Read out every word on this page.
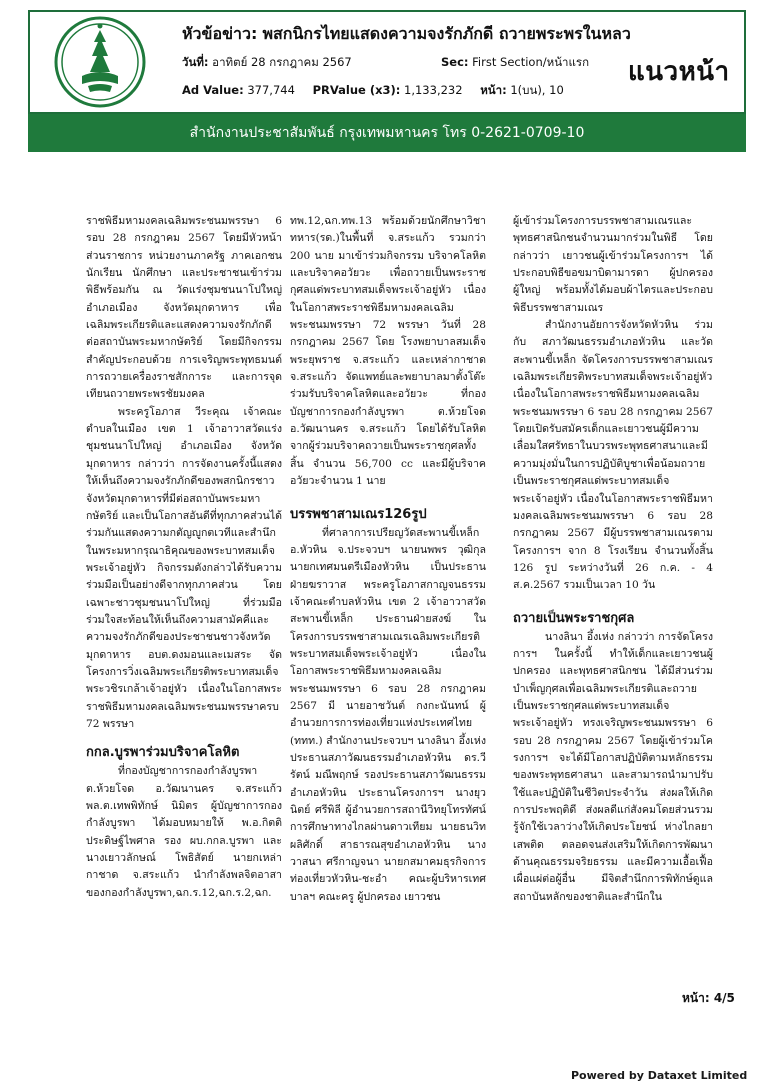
หัวข้อข่าว: พสกนิกรไทยแสดงความจงรักภักดี ถวายพระพรในหลว
วันที่: อาทิตย์ 28 กรกฎาคม 2567	Sec: First Section/หน้าแรก
Ad Value: 377,744 PRValue (x3): 1,133,232 หน้า: 1(บน), 10
แนวหน้า
สำนักงานประชาสัมพันธ์ กรุงเทพมหานคร โทร 0-2621-0709-10

ราชพิธีมหามงคลเฉลิมพระชนมพรรษา 6 รอบ 28 กรกฎาคม 2567 โดยมีหัวหน้าส่วนราชการ หน่วยงานภาครัฐ ภาคเอกชน นักเรียน นักศึกษา และประชาชนเข้าร่วมพิธีพร้อมกัน ณ วัดแร่งชุมชนนาโปใหญ่ อำเภอเมือง จังหวัดมุกดาหาร เพื่อเฉลิมพระเกียรติและแสดงความจงรักภักดีต่อสถาบันพระมหากษัตริย์ โดยมีกิจกรรมสำคัญประกอบด้วย การเจริญพระพุทธมนต์ การถวายเครื่องราชสักการะ และการจุดเทียนถวายพระพรชัยมงคล

พระครูโอภาส วีระคุณ เจ้าคณะตำบลในเมือง เขต 1 เจ้าอาวาสวัดแร่งชุมชนนาโปใหญ่ อำเภอเมือง จังหวัดมุกดาหาร กล่าวว่า การจัดงานครั้งนี้แสดงให้เห็นถึงความจงรักภักดีของพสกนิกรชาวจังหวัดมุกดาหารที่มีต่อสถาบันพระมหากษัตริย์ และเป็นโอกาสอันดีที่ทุกภาคส่วนได้ร่วมกันแสดงความกตัญญูกตเวทีและสำนึกในพระมหากรุณาธิคุณของพระบาทสมเด็จพระเจ้าอยู่หัว กิจกรรมดังกล่าวได้รับความร่วมมือเป็นอย่างดีจากทุกภาคส่วน โดยเฉพาะชาวชุมชนนาโปใหญ่ ที่ร่วมมือร่วมใจสะท้อนให้เห็นถึงความสามัคคีและความจงรักภักดีของประชาชนชาวจังหวัดมุกดาหาร อบต.ดงมอนและเมสระ จัดโครงการวิ่งเฉลิมพระเกียรติพระบาทสมเด็จพระวชิรเกล้าเจ้าอยู่หัว เนื่องในโอกาสพระราชพิธีมหามงคลเฉลิมพระชนมพรรษาครบ 72 พรรษา

กกล.บูรพาร่วมบริจาคโลหิต

ที่กองบัญชาการกองกำลังบูรพา ต.ห้วยโจด อ.วัฒนานคร จ.สระแก้ว พล.ต.เทพพิทักษ์ นิมิตร ผู้บัญชาการกองกำลังบูรพา ได้มอบหมายให้ พ.อ.กิตติ ประดิษฐ์ไพศาล รอง ผบ.กกล.บูรพา และนางเยาวลักษณ์ โพธิสัตย์ นายกเหล่ากาชาด จ.สระแก้ว นำกำลังพลจิตอาสาของกองกำลังบูรพา,ฉก.ร.12,ฉก.ร.2,ฉก.

ทพ.12,ฉก.ทพ.13 พร้อมด้วยนักศึกษาวิชาทหาร(รด.)ในพื้นที่ จ.สระแก้ว รวมกว่า 200 นาย มาเข้าร่วมกิจกรรม บริจาคโลหิตและบริจาคอวัยวะ เพื่อถวายเป็นพระราชกุศลแด่พระบาทสมเด็จพระเจ้าอยู่หัว เนื่องในโอกาสพระราชพิธีมหามงคลเฉลิมพระชนมพรรษา 72 พรรษา วันที่ 28 กรกฎาคม 2567 โดย โรงพยาบาลสมเด็จพระยุพราช จ.สระแก้ว และเหล่ากาชาด จ.สระแก้ว จัดแพทย์และพยาบาลมาตั้งโต๊ะร่วมรับบริจาคโลหิตและอวัยวะ ที่กองบัญชาการกองกำลังบูรพา ต.ห้วยโจด อ.วัฒนานคร จ.สระแก้ว โดยได้รับโลหิตจากผู้ร่วมบริจาคถวายเป็นพระราชกุศลทั้งสิ้น จำนวน 56,700 cc และมีผู้บริจาคอวัยวะจำนวน 1 นาย

บรรพชาสามเณร126รูป

ที่ศาลาการเปรียญวัดสะพานขี้เหล็ก อ.หัวหิน จ.ประจวบฯ นายนพพร วุฒิกุล นายกเทศมนตรีเมืองหัวหิน เป็นประธานฝ่ายฆราวาส พระครูโอภาสกาญจนธรรม เจ้าคณะตำบลหัวหิน เขต 2 เจ้าอาวาสวัดสะพานขี้เหล็ก ประธานฝ่ายสงฆ์ ในโครงการบรรพชาสามเณรเฉลิมพระเกียรติพระบาทสมเด็จพระเจ้าอยู่หัว เนื่องในโอกาสพระราชพิธีมหามงคลเฉลิมพระชนมพรรษา 6 รอบ 28 กรกฎาคม 2567 มี นายอาชวันต์ กงกะนันทน์ ผู้อำนวยการการท่องเที่ยวแห่งประเทศไทย (ททท.) สำนักงานประจวบฯ นางลินา อึ้งเห่ง ประธานสภาวัฒนธรรมอำเภอหัวหิน ดร.วีรัตน์ มณีพฤกษ์ รองประธานสภาวัฒนธรรมอำเภอหัวหิน ประธานโครงการฯ นางยุวนิตย์ ศรีพิลี ผู้อำนวยการสถานีวิทยุโทรทัศน์การศึกษาทางไกลผ่านดาวเทียม นายธนวิท ผลิศักดิ์ สาธารณสุขอำเภอหัวหิน นางวาสนา ศรีกาญจนา นายกสมาคมธุรกิจการท่องเที่ยวหัวหิน-ชะอำ คณะผู้บริหารเทศบาลฯ คณะครู ผู้ปกครอง เยาวชน

ผู้เข้าร่วมโครงการบรรพชาสามเณรและพุทธศาสนิกชนจำนวนมากร่วมในพิธี โดยกล่าวว่า เยาวชนผู้เข้าร่วมโครงการฯ ได้ประกอบพิธีขอขมาบิดามารดา ผู้ปกครองผู้ใหญ่ พร้อมทั้งได้มอบผ้าไตรและประกอบพิธีบรรพชาสามเณร

สำนักงานอัยการจังหวัดหัวหิน ร่วมกับ สภาวัฒนธรรมอำเภอหัวหิน และวัดสะพานขี้เหล็ก จัดโครงการบรรพชาสามเณรเฉลิมพระเกียรติพระบาทสมเด็จพระเจ้าอยู่หัว เนื่องในโอกาสพระราชพิธีมหามงคลเฉลิมพระชนมพรรษา 6 รอบ 28 กรกฎาคม 2567 โดยเปิดรับสมัครเด็กและเยาวชนผู้มีความเลื่อมใสศรัทธาในบวรพระพุทธศาสนาและมีความมุ่งมั่นในการปฏิบัติบูชาเพื่อน้อมถวายเป็นพระราชกุศลแด่พระบาทสมเด็จพระเจ้าอยู่หัว เนื่องในโอกาสพระราชพิธีมหามงคลเฉลิมพระชนมพรรษา 6 รอบ 28 กรกฎาคม 2567 มีผู้บรรพชาสามเณรตามโครงการฯ จาก 8 โรงเรียน จำนวนทั้งสิ้น 126 รูป ระหว่างวันที่ 26 ก.ค. - 4 ส.ค.2567 รวมเป็นเวลา 10 วัน

ถวายเป็นพระราชกุศล

นางลินา อึ้งเห่ง กล่าวว่า การจัดโครงการฯ ในครั้งนี้ ทำให้เด็กและเยาวชนผู้ปกครอง และพุทธศาสนิกชน ได้มีส่วนร่วมบำเพ็ญกุศลเพื่อเฉลิมพระเกียรติและถวายเป็นพระราชกุศลแด่พระบาทสมเด็จพระเจ้าอยู่หัว ทรงเจริญพระชนมพรรษา 6 รอบ 28 กรกฎาคม 2567 โดยผู้เข้าร่วมโครงการฯ จะได้มีโอกาสปฏิบัติตามหลักธรรมของพระพุทธศาสนา และสามารถนำมาปรับใช้และปฏิบัติในชีวิตประจำวัน ส่งผลให้เกิดการประพฤติดี ส่งผลดีแก่สังคมโดยส่วนรวม รู้จักใช้เวลาว่างให้เกิดประโยชน์ ห่างไกลยาเสพติด ตลอดจนส่งเสริมให้เกิดการพัฒนาด้านคุณธรรมจริยธรรม และมีความเอื้อเฟื้อเผื่อแผ่ต่อผู้อื่น มีจิตสำนึกการพิทักษ์ดูแลสถาบันหลักของชาติและสำนึกใน

หน้า: 4/5
Powered by Dataxet Limited
